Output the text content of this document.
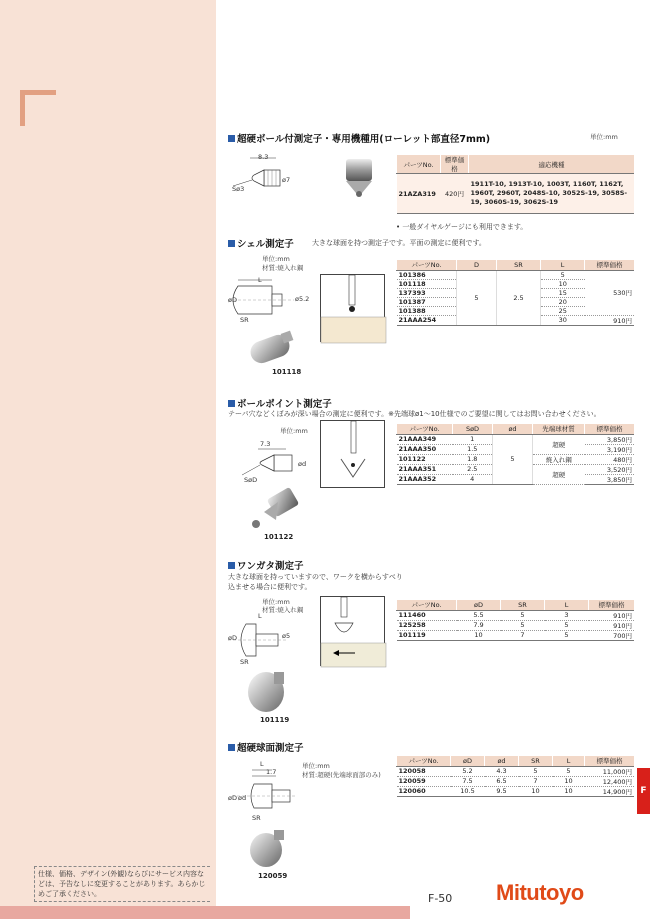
仕様、価格、デザイン(外観)ならびにサービス内容などは、予告なしに変更することがあります。あらかじめご了承ください。	F-50 Mitutoyo
F
超硬ボール付測定子・専用機種用(ローレット部直径7mm)	単位:mm
8.3
Sø3
ø7
パーツNo.	標準価格	適応機種
21AZA319	420円	1911T-10, 1913T-10, 1003T, 1160T, 1162T, 1960T, 2960T, 2048S-10, 3052S-19, 3058S-19, 3060S-19, 3062S-19
• 一般ダイヤルゲージにも利用できます。
シェル測定子	大きな球面を持つ測定子です。平面の測定に便利です。
単位:mm
材質:焼入れ鋼
L
øD
SR
ø5.2
101118
パーツNo.	D	SR	L	標準価格
101386	5	2.5	5	530円
101118			10	
137393			15	
101387			20	
101388			25	
21AAA254			30	910円
ボールポイント測定子
テーパ穴などくぼみが深い場合の測定に便利です。※先端球ø1〜10仕様でのご要望に関してはお問い合わせください。
単位:mm
7.3
SøD
ød
101122
パーツNo.	SøD	ød	先端球材質	標準価格
21AAA349	1	5	超硬	3,850円
21AAA350	1.5			3,190円
101122	1.8		焼入れ鋼	480円
21AAA351	2.5		超硬	3,520円
21AAA352	4			3,850円
ワンガタ測定子
大きな球面を持っていますので、ワークを横からすべり
込ませる場合に便利です。
単位:mm
材質:焼入れ鋼
L
øD
SR
ø5
101119
パーツNo.	øD	SR	L	標準価格
111460	5.5	5	3	910円
125258	7.9	5	5	910円
101119	10	7	5	700円
超硬球面測定子
単位:mm
材質:超硬(先端球面部のみ)
1.7
L
øD ød
SR
120059
パーツNo.	øD	ød	SR	L	標準価格
120058	5.2	4.3	5	5	11,000円
120059	7.5	6.5	7	10	12,400円
120060	10.5	9.5	10	10	14,900円
